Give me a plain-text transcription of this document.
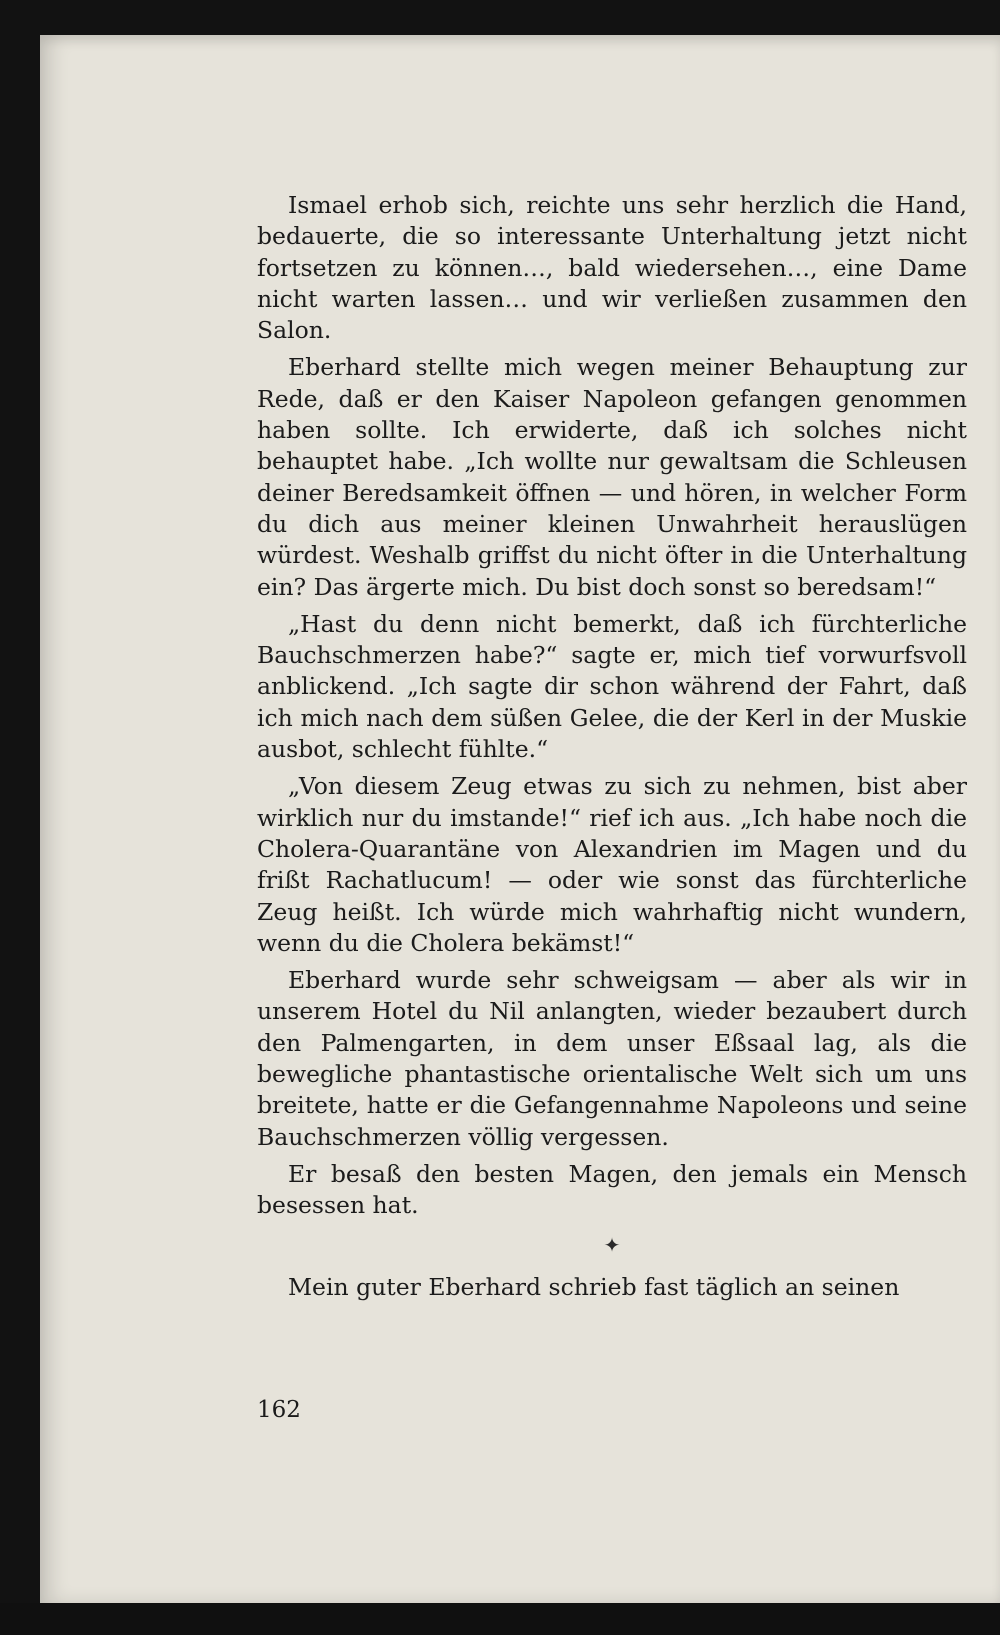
Ismael erhob sich, reichte uns sehr herzlich die Hand, bedauerte, die so interessante Unterhaltung jetzt nicht fortsetzen zu können…, bald wiedersehen…, eine Dame nicht warten lassen… und wir verließen zusammen den Salon.

Eberhard stellte mich wegen meiner Behauptung zur Rede, daß er den Kaiser Napoleon gefangen genommen haben sollte. Ich erwiderte, daß ich solches nicht behauptet habe. „Ich wollte nur gewaltsam die Schleusen deiner Beredsamkeit öffnen — und hören, in welcher Form du dich aus meiner kleinen Unwahrheit herauslügen würdest. Weshalb griffst du nicht öfter in die Unterhaltung ein? Das ärgerte mich. Du bist doch sonst so beredsam!“

„Hast du denn nicht bemerkt, daß ich fürchterliche Bauchschmerzen habe?“ sagte er, mich tief vorwurfsvoll anblickend. „Ich sagte dir schon während der Fahrt, daß ich mich nach dem süßen Gelee, die der Kerl in der Muskie ausbot, schlecht fühlte.“

„Von diesem Zeug etwas zu sich zu nehmen, bist aber wirklich nur du imstande!“ rief ich aus. „Ich habe noch die Cholera-Quarantäne von Alexandrien im Magen und du frißt Rachatlucum! — oder wie sonst das fürchterliche Zeug heißt. Ich würde mich wahrhaftig nicht wundern, wenn du die Cholera bekämst!“

Eberhard wurde sehr schweigsam — aber als wir in unserem Hotel du Nil anlangten, wieder bezaubert durch den Palmengarten, in dem unser Eßsaal lag, als die bewegliche phantastische orientalische Welt sich um uns breitete, hatte er die Gefangennahme Napoleons und seine Bauchschmerzen völlig vergessen.

Er besaß den besten Magen, den jemals ein Mensch besessen hat.

✦

Mein guter Eberhard schrieb fast täglich an seinen

162
